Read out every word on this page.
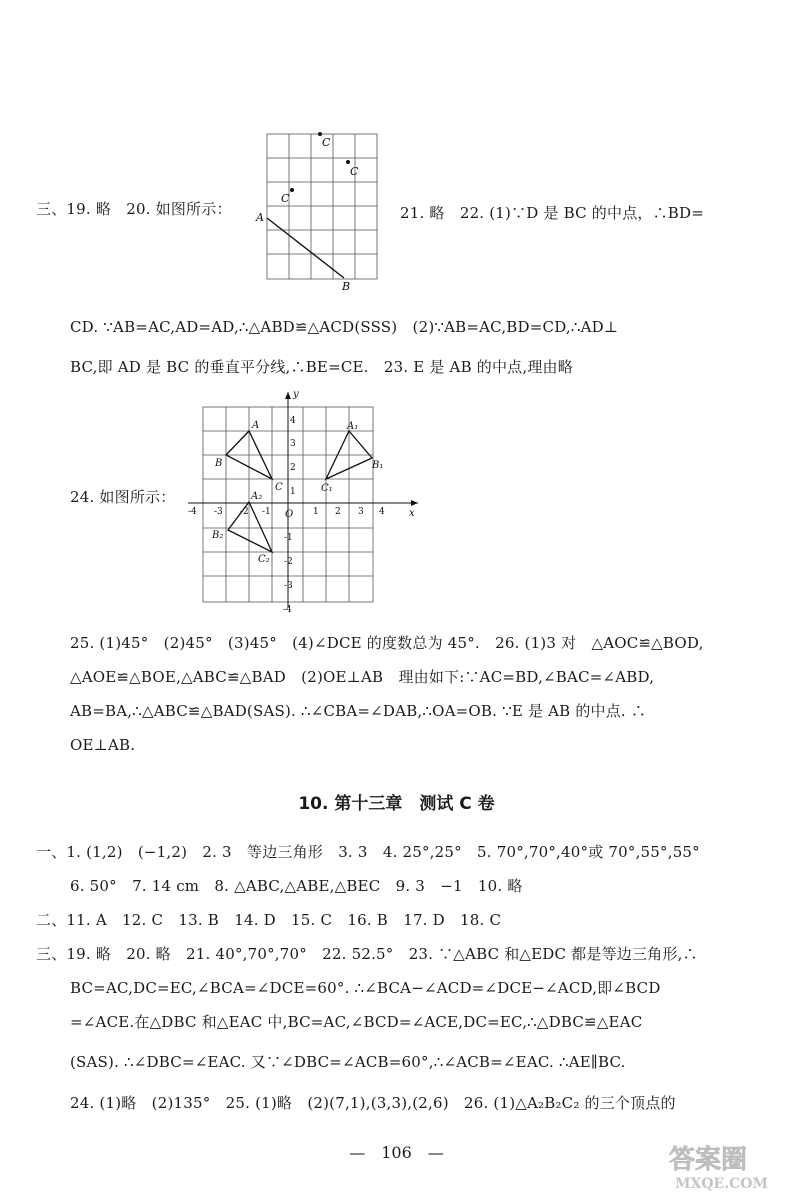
三、19. 略　20. 如图所示：
C
C
C
A
B
21. 略　22. (1)∵D 是 BC 的中点，∴BD=
CD. ∵AB=AC,AD=AD,∴△ABD≌△ACD(SSS)　(2)∵AB=AC,BD=CD,∴AD⊥
BC,即 AD 是 BC 的垂直平分线,∴BE=CE.　23. E 是 AB 的中点,理由略
24. 如图所示：
x
y
O
-4 -3 -2 -1	1 2 3 4
4
3
2
1
-1
-2
-3
-4
A
B
C
A₁
B₁
C₁
A₂
B₂
C₂
25. (1)45°　(2)45°　(3)45°　(4)∠DCE 的度数总为 45°.　26. (1)3 对　△AOC≌△BOD,
△AOE≌△BOE,△ABC≌△BAD　(2)OE⊥AB　理由如下:∵AC=BD,∠BAC=∠ABD,
AB=BA,∴△ABC≌△BAD(SAS). ∴∠CBA=∠DAB,∴OA=OB. ∵E 是 AB 的中点. ∴
OE⊥AB.
10. 第十三章　测试 C 卷
一、1. (1,2)　(−1,2)　2. 3　等边三角形　3. 3　4. 25°,25°　5. 70°,70°,40°或 70°,55°,55°
6. 50°　7. 14 cm　8. △ABC,△ABE,△BEC　9. 3　−1　10. 略
二、11. A　12. C　13. B　14. D　15. C　16. B　17. D　18. C
三、19. 略　20. 略　21. 40°,70°,70°　22. 52.5°　23. ∵△ABC 和△EDC 都是等边三角形,∴
BC=AC,DC=EC,∠BCA=∠DCE=60°. ∴∠BCA−∠ACD=∠DCE−∠ACD,即∠BCD
=∠ACE.在△DBC 和△EAC 中,BC=AC,∠BCD=∠ACE,DC=EC,∴△DBC≌△EAC
(SAS). ∴∠DBC=∠EAC. 又∵∠DBC=∠ACB=60°,∴∠ACB=∠EAC. ∴AE∥BC.
24. (1)略　(2)135°　25. (1)略　(2)(7,1),(3,3),(2,6)　26. (1)△A₂B₂C₂ 的三个顶点的
—　106　—	答案圈
MXQE.COM
